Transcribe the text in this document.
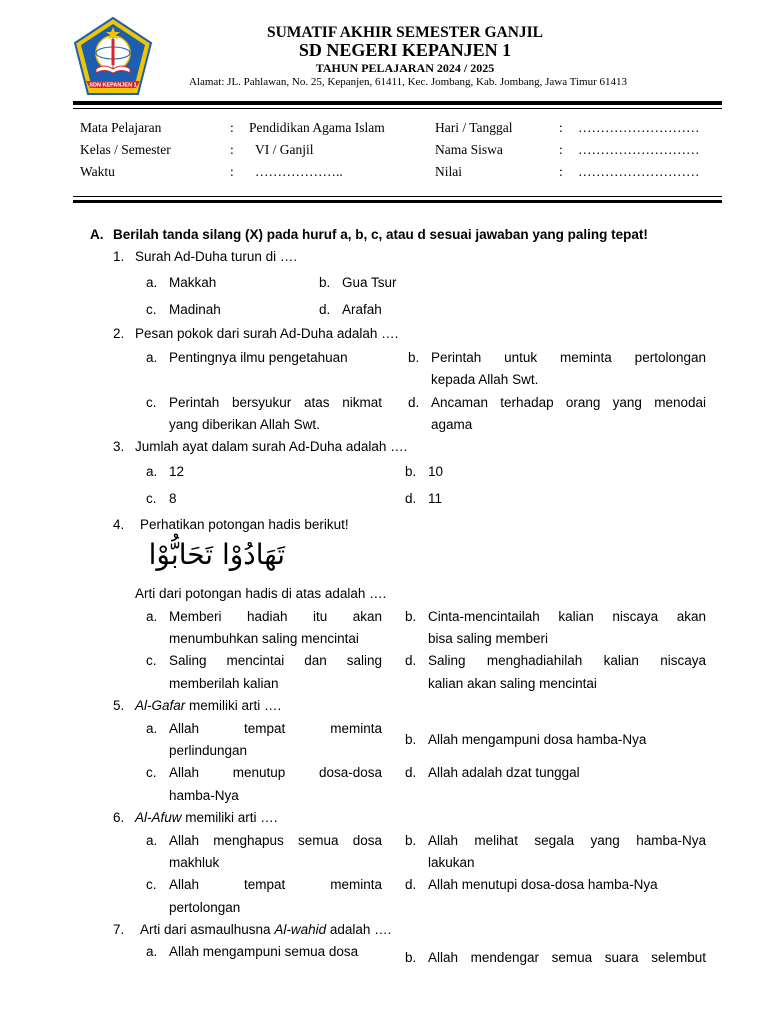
SDN KEPANJEN 1
SUMATIF AKHIR SEMESTER GANJIL
SD NEGERI KEPANJEN 1
TAHUN PELAJARAN 2024 / 2025
Alamat: JL. Pahlawan, No. 25, Kepanjen, 61411, Kec. Jombang, Kab. Jombang, Jawa Timur 61413
Mata Pelajaran	: Pendidikan Agama Islam	Hari / Tanggal	: ………………………
Kelas / Semester	: VI / Ganjil	Nama Siswa	: ………………………
Waktu	: ………………..	Nilai	: ………………………
A. Berilah tanda silang (X) pada huruf a, b, c, atau d sesuai jawaban yang paling tepat!
1. Surah Ad-Duha turun di ….
a. Makkah	b. Gua Tsur
c. Madinah	d. Arafah
2. Pesan pokok dari surah Ad-Duha adalah ….
a. Pentingnya ilmu pengetahuan	b. Perintah untuk meminta pertolongan
kepada Allah Swt.
c. Perintah bersyukur atas nikmat
yang diberikan Allah Swt.
d. Ancaman terhadap orang yang menodai
agama
3. Jumlah ayat dalam surah Ad-Duha adalah ….
a. 12	b. 10
c. 8	d. 11
4. Perhatikan potongan hadis berikut!
تَهَادُوْا تَحَابُّوْا
Arti dari potongan hadis di atas adalah ….
a. Memberi hadiah itu akan
menumbuhkan saling mencintai
b. Cinta-mencintailah kalian niscaya akan
bisa saling memberi
c. Saling mencintai dan saling
memberilah kalian
d. Saling menghadiahilah kalian niscaya
kalian akan saling mencintai
5. Al-Gafar memiliki arti ….
a. Allah tempat meminta
perlindungan
b. Allah mengampuni dosa hamba-Nya
c. Allah menutup dosa-dosa
hamba-Nya
d. Allah adalah dzat tunggal
6. Al-Afuw memiliki arti ….
a. Allah menghapus semua dosa
makhluk
b. Allah melihat segala yang hamba-Nya
lakukan
c. Allah tempat meminta
pertolongan
d. Allah menutupi dosa-dosa hamba-Nya
7. Arti dari asmaulhusna Al-wahid adalah ….
a. Allah mengampuni semua dosa	b. Allah mendengar semua suara selembut
